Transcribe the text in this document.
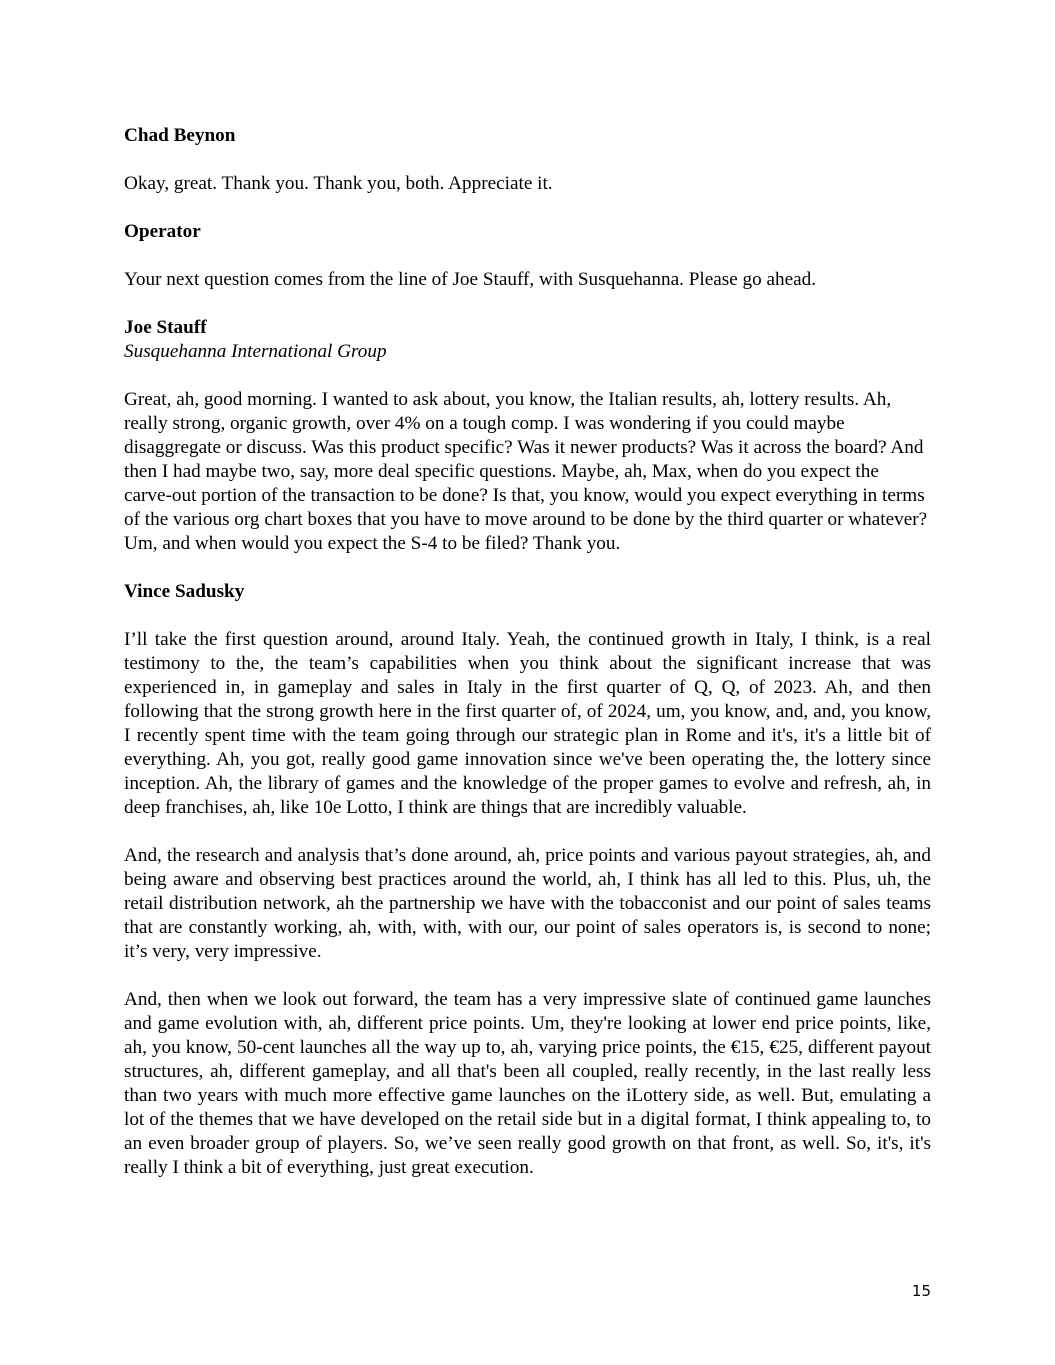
Chad Beynon

Okay, great. Thank you. Thank you, both. Appreciate it.

Operator

Your next question comes from the line of Joe Stauff, with Susquehanna. Please go ahead.

Joe Stauff

Susquehanna International Group

Great, ah, good morning. I wanted to ask about, you know, the Italian results, ah, lottery results. Ah, really strong, organic growth, over 4% on a tough comp. I was wondering if you could maybe disaggregate or discuss. Was this product specific? Was it newer products? Was it across the board? And then I had maybe two, say, more deal specific questions. Maybe, ah, Max, when do you expect the carve-out portion of the transaction to be done? Is that, you know, would you expect everything in terms of the various org chart boxes that you have to move around to be done by the third quarter or whatever? Um, and when would you expect the S-4 to be filed? Thank you.

Vince Sadusky

I’ll take the first question around, around Italy. Yeah, the continued growth in Italy, I think, is a real testimony to the, the team’s capabilities when you think about the significant increase that was experienced in, in gameplay and sales in Italy in the first quarter of Q, Q, of 2023. Ah, and then following that the strong growth here in the first quarter of, of 2024, um, you know, and, and, you know, I recently spent time with the team going through our strategic plan in Rome and it's, it's a little bit of everything. Ah, you got, really good game innovation since we've been operating the, the lottery since inception. Ah, the library of games and the knowledge of the proper games to evolve and refresh, ah, in deep franchises, ah, like 10e Lotto, I think are things that are incredibly valuable.

And, the research and analysis that’s done around, ah, price points and various payout strategies, ah, and being aware and observing best practices around the world, ah, I think has all led to this. Plus, uh, the retail distribution network, ah the partnership we have with the tobacconist and our point of sales teams that are constantly working, ah, with, with, with our, our point of sales operators is, is second to none; it’s very, very impressive.

And, then when we look out forward, the team has a very impressive slate of continued game launches and game evolution with, ah, different price points. Um, they're looking at lower end price points, like, ah, you know, 50-cent launches all the way up to, ah, varying price points, the €15, €25, different payout structures, ah, different gameplay, and all that's been all coupled, really recently, in the last really less than two years with much more effective game launches on the iLottery side, as well. But, emulating a lot of the themes that we have developed on the retail side but in a digital format, I think appealing to, to an even broader group of players. So, we’ve seen really good growth on that front, as well. So, it's, it's really I think a bit of everything, just great execution.

15
